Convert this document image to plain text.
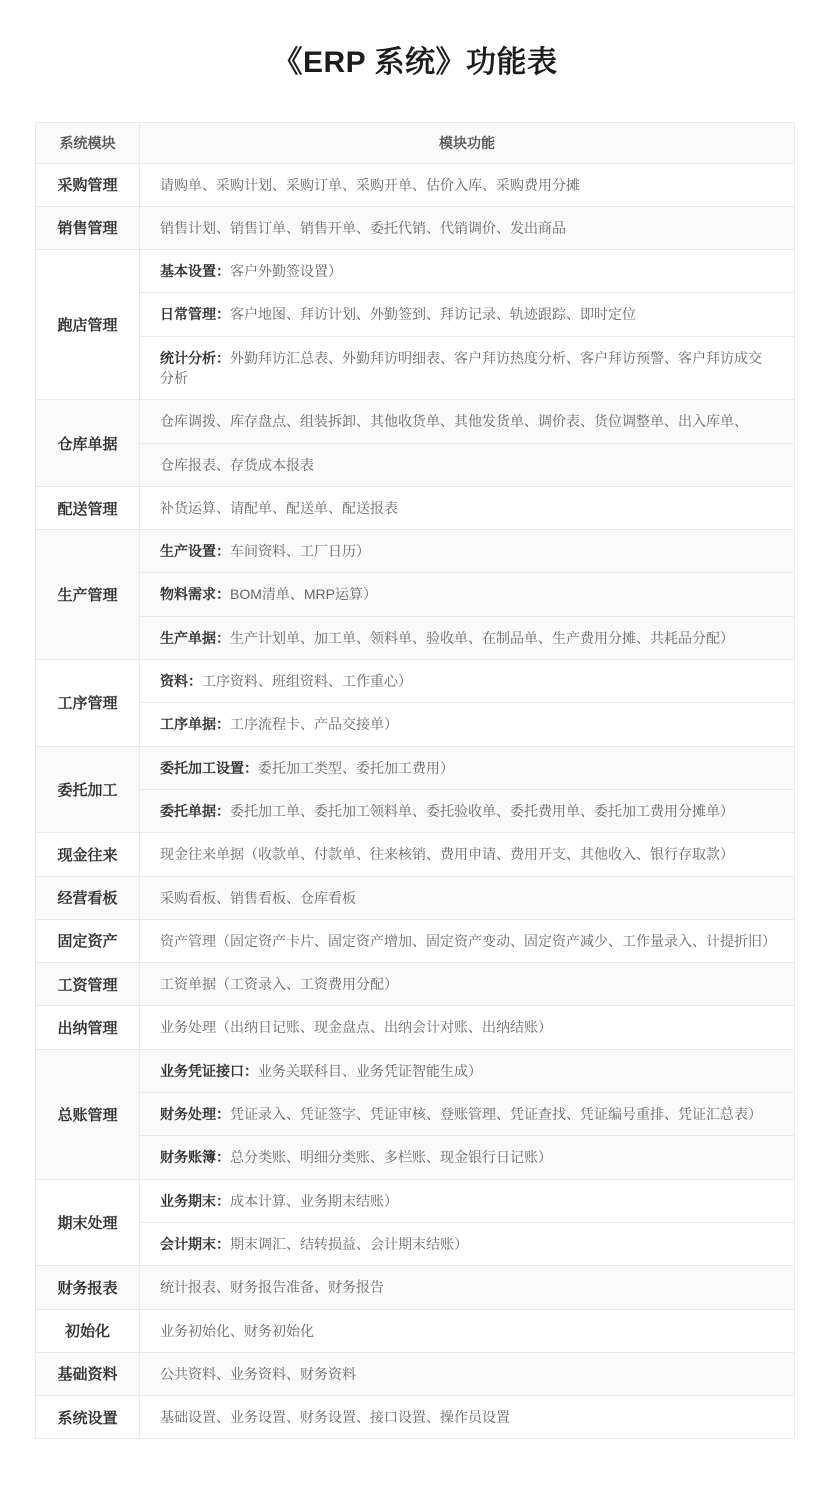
《ERP 系统》功能表
系统模块	模块功能
采购管理	请购单、采购计划、采购订单、采购开单、估价入库、采购费用分摊
销售管理	销售计划、销售订单、销售开单、委托代销、代销调价、发出商品
跑店管理	基本设置：客户外勤签设置）
	日常管理：客户地图、拜访计划、外勤签到、拜访记录、轨迹跟踪、即时定位
	统计分析：外勤拜访汇总表、外勤拜访明细表、客户拜访热度分析、客户拜访预警、客户拜访成交分析
仓库单据	仓库调拨、库存盘点、组装拆卸、其他收货单、其他发货单、调价表、货位调整单、出入库单、
	仓库报表、存货成本报表
配送管理	补货运算、请配单、配送单、配送报表
生产管理	生产设置：车间资料、工厂日历）
	物料需求：BOM清单、MRP运算）
	生产单据：生产计划单、加工单、领料单、验收单、在制品单、生产费用分摊、共耗品分配）
工序管理	资料：工序资料、班组资料、工作重心）
	工序单据：工序流程卡、产品交接单）
委托加工	委托加工设置：委托加工类型、委托加工费用）
	委托单据：委托加工单、委托加工领料单、委托验收单、委托费用单、委托加工费用分摊单）
现金往来	现金往来单据（收款单、付款单、往来核销、费用申请、费用开支、其他收入、银行存取款）
经营看板	采购看板、销售看板、仓库看板
固定资产	资产管理（固定资产卡片、固定资产增加、固定资产变动、固定资产减少、工作量录入、计提折旧）
工资管理	工资单据（工资录入、工资费用分配）
出纳管理	业务处理（出纳日记账、现金盘点、出纳会计对账、出纳结账）
总账管理	业务凭证接口：业务关联科目、业务凭证智能生成）
	财务处理：凭证录入、凭证签字、凭证审核、登账管理、凭证查找、凭证编号重排、凭证汇总表）
	财务账簿：总分类账、明细分类账、多栏账、现金银行日记账）
期末处理	业务期末：成本计算、业务期末结账）
	会计期末：期末调汇、结转损益、会计期末结账）
财务报表	统计报表、财务报告准备、财务报告
初始化	业务初始化、财务初始化
基础资料	公共资料、业务资料、财务资料
系统设置	基础设置、业务设置、财务设置、接口设置、操作员设置
